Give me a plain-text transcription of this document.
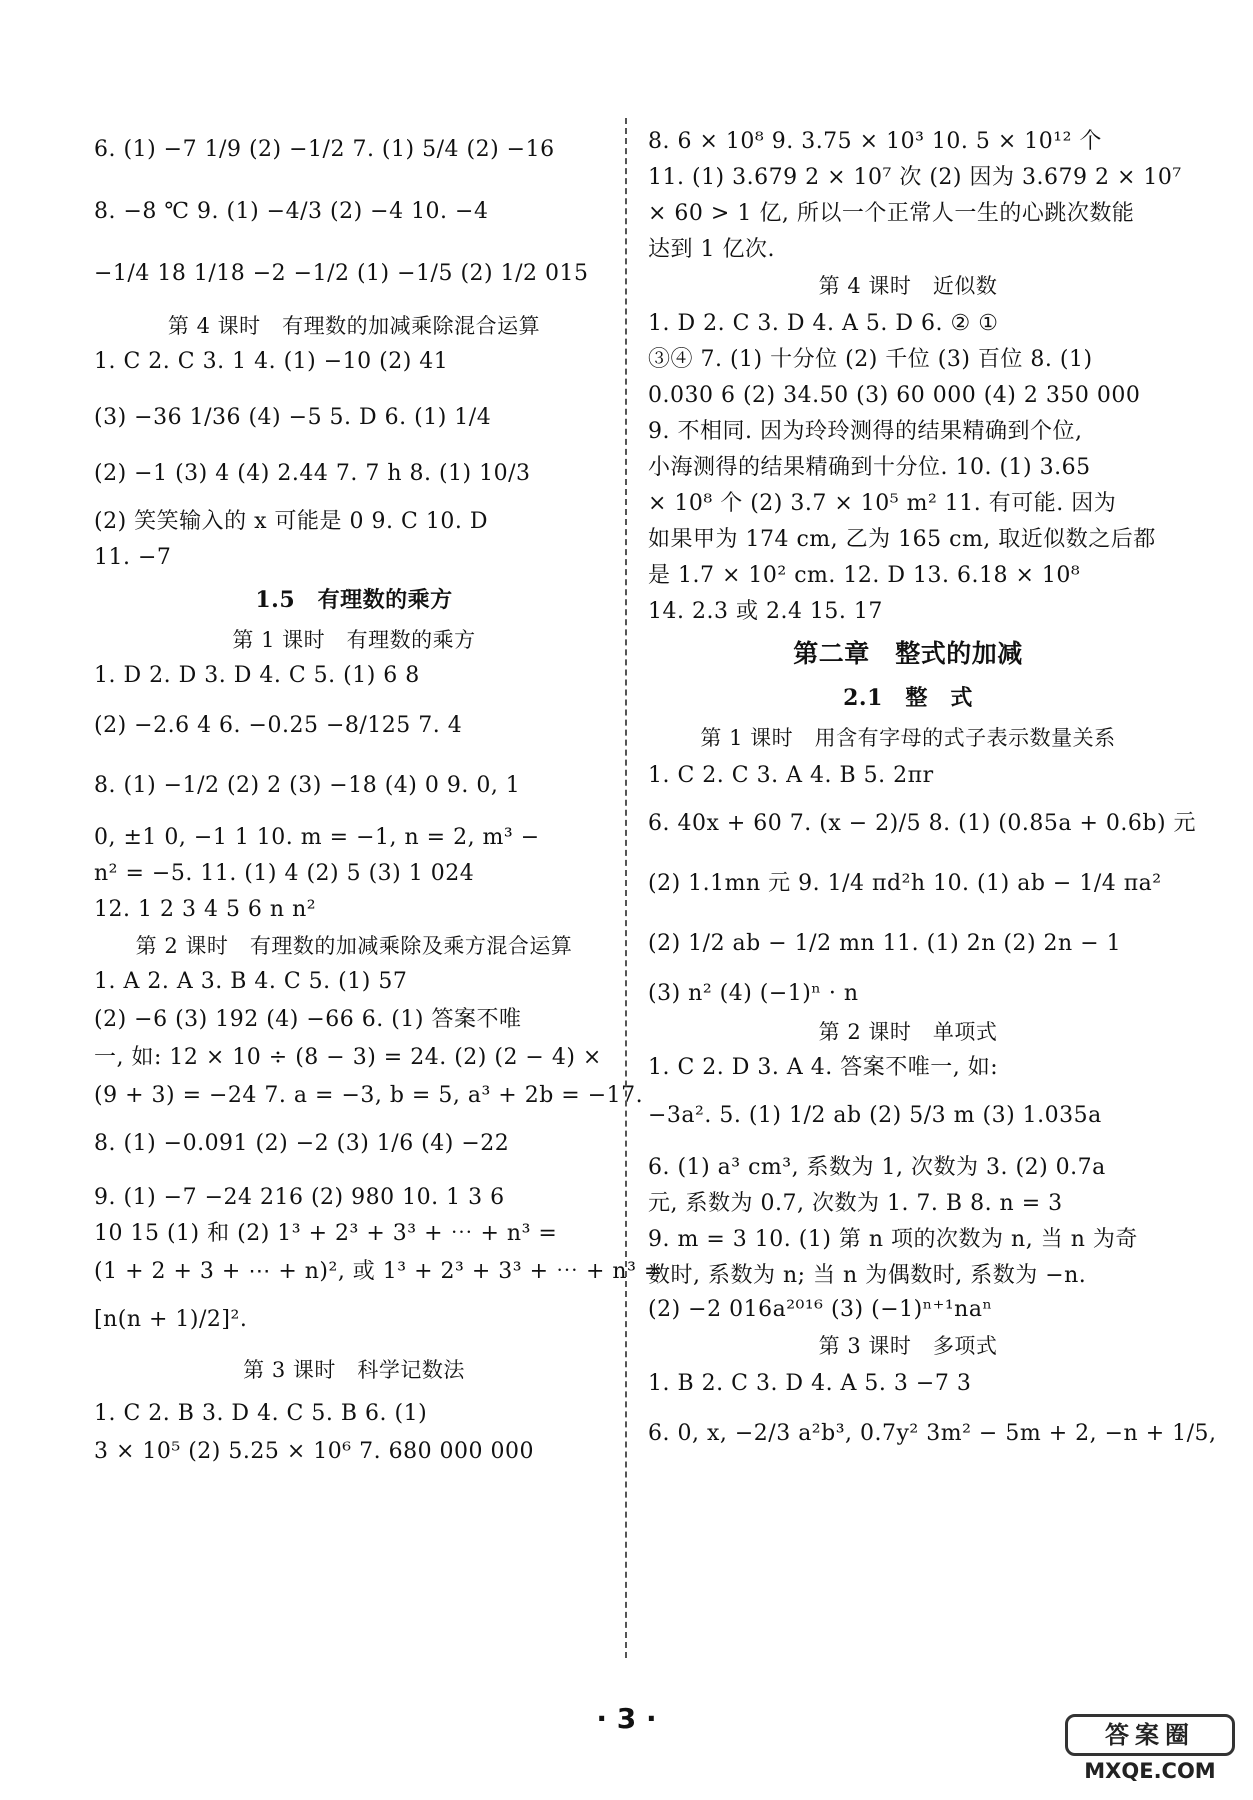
6. (1) −7 1/9 (2) −1/2 7. (1) 5/4 (2) −16
8. −8 ℃ 9. (1) −4/3 (2) −4 10. −4
−1/4 18 1/18 −2 −1/2 (1) −1/5 (2) 1/2 015
第 4 课时　有理数的加减乘除混合运算
1. C 2. C 3. 1 4. (1) −10 (2) 41
(3) −36 1/36 (4) −5 5. D 6. (1) 1/4
(2) −1 (3) 4 (4) 2.44 7. 7 h 8. (1) 10/3
(2) 笑笑输入的 x 可能是 0 9. C 10. D
11. −7
1.5　有理数的乘方
第 1 课时　有理数的乘方
1. D 2. D 3. D 4. C 5. (1) 6 8
(2) −2.6 4 6. −0.25 −8/125 7. 4
8. (1) −1/2 (2) 2 (3) −18 (4) 0 9. 0, 1
0, ±1 0, −1 1 10. m = −1, n = 2, m³ −
n² = −5. 11. (1) 4 (2) 5 (3) 1 024
12. 1 2 3 4 5 6 n n²
第 2 课时　有理数的加减乘除及乘方混合运算
1. A 2. A 3. B 4. C 5. (1) 57
(2) −6 (3) 192 (4) −66 6. (1) 答案不唯
一, 如: 12 × 10 ÷ (8 − 3) = 24. (2) (2 − 4) ×
(9 + 3) = −24 7. a = −3, b = 5, a³ + 2b = −17.
8. (1) −0.091 (2) −2 (3) 1/6 (4) −22
9. (1) −7 −24 216 (2) 980 10. 1 3 6
10 15 (1) 和 (2) 1³ + 2³ + 3³ + ⋯ + n³ =
(1 + 2 + 3 + ⋯ + n)², 或 1³ + 2³ + 3³ + ⋯ + n³ =
[n(n + 1)/2]².
第 3 课时　科学记数法
1. C 2. B 3. D 4. C 5. B 6. (1)
3 × 10⁵ (2) 5.25 × 10⁶ 7. 680 000 000
8. 6 × 10⁸ 9. 3.75 × 10³ 10. 5 × 10¹² 个
11. (1) 3.679 2 × 10⁷ 次 (2) 因为 3.679 2 × 10⁷
× 60 > 1 亿, 所以一个正常人一生的心跳次数能
达到 1 亿次.
第 4 课时　近似数
1. D 2. C 3. D 4. A 5. D 6. ② ①
③④ 7. (1) 十分位 (2) 千位 (3) 百位 8. (1)
0.030 6 (2) 34.50 (3) 60 000 (4) 2 350 000
9. 不相同. 因为玲玲测得的结果精确到个位,
小海测得的结果精确到十分位. 10. (1) 3.65
× 10⁸ 个 (2) 3.7 × 10⁵ m² 11. 有可能. 因为
如果甲为 174 cm, 乙为 165 cm, 取近似数之后都
是 1.7 × 10² cm. 12. D 13. 6.18 × 10⁸
14. 2.3 或 2.4 15. 17
第二章　整式的加减
2.1　整　式
第 1 课时　用含有字母的式子表示数量关系
1. C 2. C 3. A 4. B 5. 2πr
6. 40x + 60 7. (x − 2)/5 8. (1) (0.85a + 0.6b) 元
(2) 1.1mn 元 9. 1/4 πd²h 10. (1) ab − 1/4 πa²
(2) 1/2 ab − 1/2 mn 11. (1) 2n (2) 2n − 1
(3) n² (4) (−1)ⁿ · n
第 2 课时　单项式
1. C 2. D 3. A 4. 答案不唯一, 如:
−3a². 5. (1) 1/2 ab (2) 5/3 m (3) 1.035a
6. (1) a³ cm³, 系数为 1, 次数为 3. (2) 0.7a
元, 系数为 0.7, 次数为 1. 7. B 8. n = 3
9. m = 3 10. (1) 第 n 项的次数为 n, 当 n 为奇
数时, 系数为 n; 当 n 为偶数时, 系数为 −n.
(2) −2 016a²⁰¹⁶ (3) (−1)ⁿ⁺¹naⁿ
第 3 课时　多项式
1. B 2. C 3. D 4. A 5. 3 −7 3
6. 0, x, −2/3 a²b³, 0.7y² 3m² − 5m + 2, −n + 1/5,
· 3 ·	答案圈
MXQE.COM
